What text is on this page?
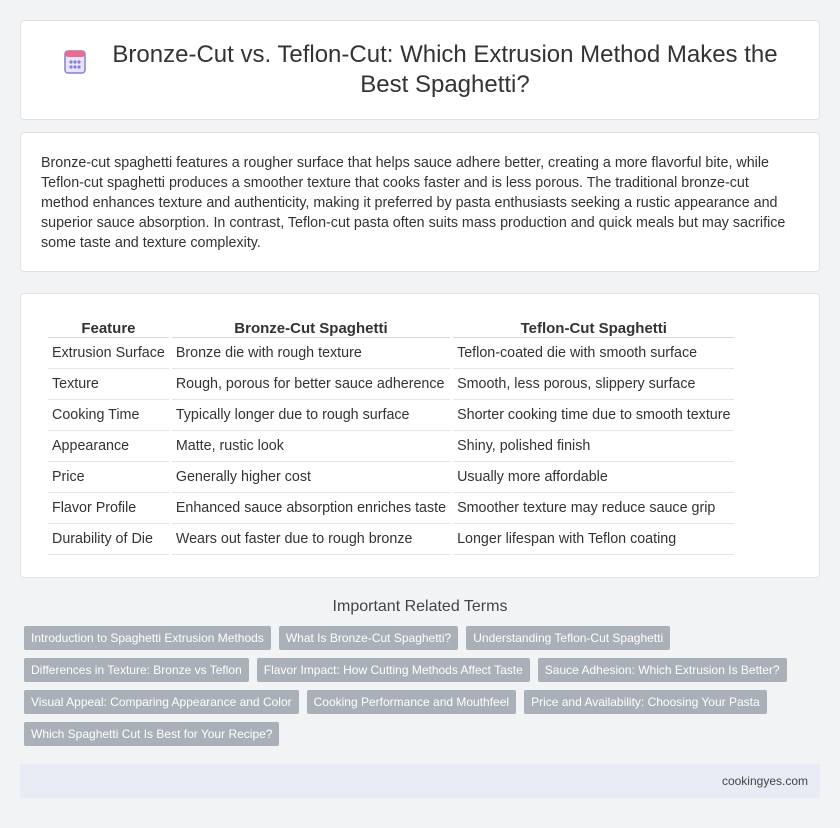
Bronze-Cut vs. Teflon-Cut: Which Extrusion Method Makes the Best Spaghetti?

Bronze-cut spaghetti features a rougher surface that helps sauce adhere better, creating a more flavorful bite, while Teflon-cut spaghetti produces a smoother texture that cooks faster and is less porous. The traditional bronze-cut method enhances texture and authenticity, making it preferred by pasta enthusiasts seeking a rustic appearance and superior sauce absorption. In contrast, Teflon-cut pasta often suits mass production and quick meals but may sacrifice some taste and texture complexity.

Feature	Bronze-Cut Spaghetti	Teflon-Cut Spaghetti
Extrusion Surface	Bronze die with rough texture	Teflon-coated die with smooth surface
Texture	Rough, porous for better sauce adherence	Smooth, less porous, slippery surface
Cooking Time	Typically longer due to rough surface	Shorter cooking time due to smooth texture
Appearance	Matte, rustic look	Shiny, polished finish
Price	Generally higher cost	Usually more affordable
Flavor Profile	Enhanced sauce absorption enriches taste	Smoother texture may reduce sauce grip
Durability of Die	Wears out faster due to rough bronze	Longer lifespan with Teflon coating
Important Related Terms
Introduction to Spaghetti Extrusion Methods	What Is Bronze-Cut Spaghetti?	Understanding Teflon-Cut Spaghetti
Differences in Texture: Bronze vs Teflon	Flavor Impact: How Cutting Methods Affect Taste	Sauce Adhesion: Which Extrusion Is Better?
Visual Appeal: Comparing Appearance and Color	Cooking Performance and Mouthfeel	Price and Availability: Choosing Your Pasta
Which Spaghetti Cut Is Best for Your Recipe?
cookingyes.com
